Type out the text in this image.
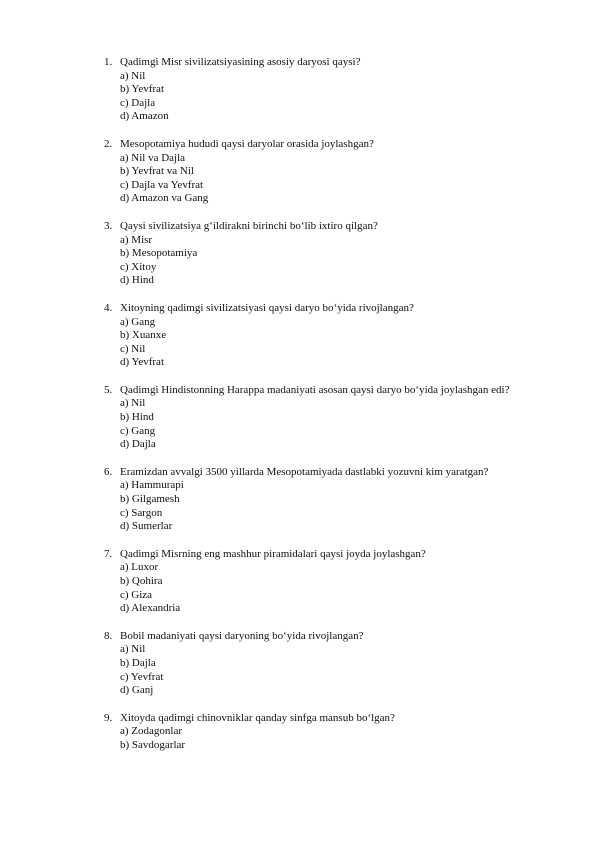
1. Qadimgi Misr sivilizatsiyasining asosiy daryosi qaysi?
a) Nil
b) Yevfrat
c) Dajla
d) Amazon
2. Mesopotamiya hududi qaysi daryolar orasida joylashgan?
a) Nil va Dajla
b) Yevfrat va Nil
c) Dajla va Yevfrat
d) Amazon va Gang
3. Qaysi sivilizatsiya g‘ildirakni birinchi bo‘lib ixtiro qilgan?
a) Misr
b) Mesopotamiya
c) Xitoy
d) Hind
4. Xitoyning qadimgi sivilizatsiyasi qaysi daryo bo‘yida rivojlangan?
a) Gang
b) Xuanxe
c) Nil
d) Yevfrat
5. Qadimgi Hindistonning Harappa madaniyati asosan qaysi daryo bo‘yida joylashgan edi?
a) Nil
b) Hind
c) Gang
d) Dajla
6. Eramizdan avvalgi 3500 yillarda Mesopotamiyada dastlabki yozuvni kim yaratgan?
a) Hammurapi
b) Gilgamesh
c) Sargon
d) Sumerlar
7. Qadimgi Misrning eng mashhur piramidalari qaysi joyda joylashgan?
a) Luxor
b) Qohira
c) Giza
d) Alexandria
8. Bobil madaniyati qaysi daryoning bo‘yida rivojlangan?
a) Nil
b) Dajla
c) Yevfrat
d) Ganj
9. Xitoyda qadimgi chinovniklar qanday sinfga mansub bo‘lgan?
a) Zodagonlar
b) Savdogarlar
